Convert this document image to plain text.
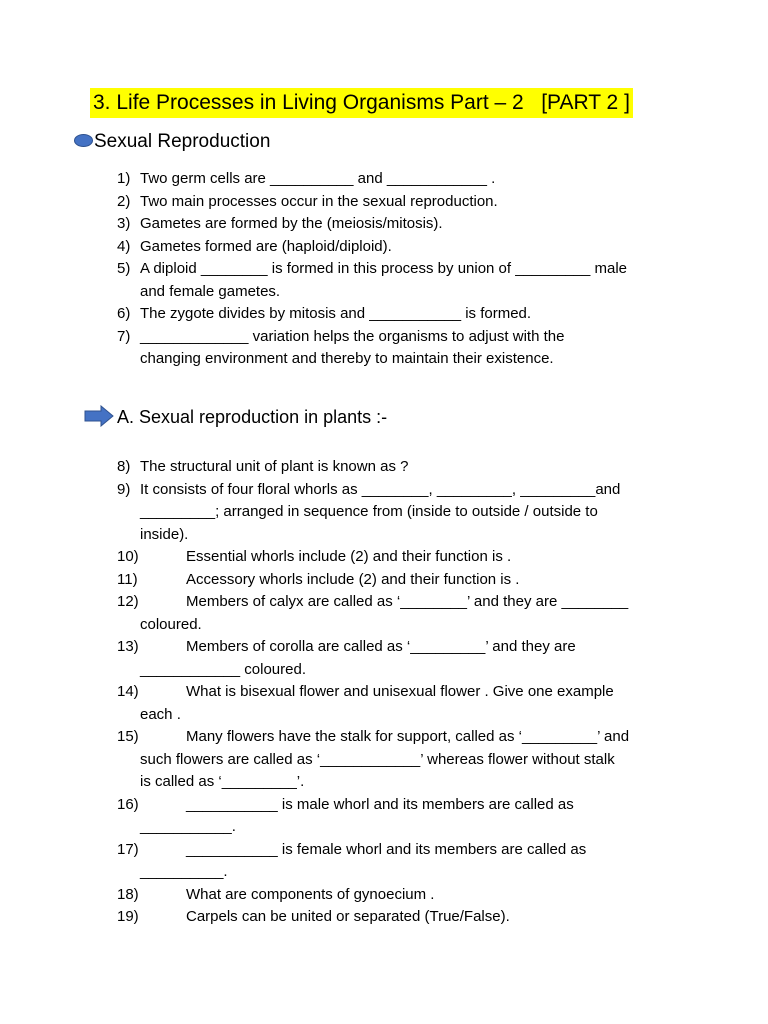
3. Life Processes in Living Organisms Part – 2   [PART 2 ]
Sexual Reproduction
1) Two germ cells are __________ and ____________ .
2) Two main processes occur in the sexual reproduction.
3) Gametes are formed by the (meiosis/mitosis).
4) Gametes formed are (haploid/diploid).
5) A diploid ________ is formed in this process by union of _________ male
and female gametes.
6) The zygote divides by mitosis and ___________ is formed.
7) _____________ variation helps the organisms to adjust with the
changing environment and thereby to maintain their existence.
A. Sexual reproduction in plants :-
8) The structural unit of plant is known as ?
9) It consists of four floral whorls as ________, _________, _________and
_________; arranged in sequence from (inside to outside / outside to
inside).
10)	Essential whorls include (2) and their function is .
11)	Accessory whorls include (2) and their function is .
12)	Members of calyx are called as ‘________’ and they are ________
coloured.
13)	Members of corolla are called as ‘_________’ and they are
____________ coloured.
14)	What is bisexual flower and unisexual flower . Give one example
each .
15)	Many flowers have the stalk for support, called as ‘_________’ and
such flowers are called as ‘____________’ whereas flower without stalk
is called as ‘_________’.
16)	___________ is male whorl and its members are called as
___________.
17)	___________ is female whorl and its members are called as
__________.
18)	What are components of gynoecium .
19)	Carpels can be united or separated (True/False).
